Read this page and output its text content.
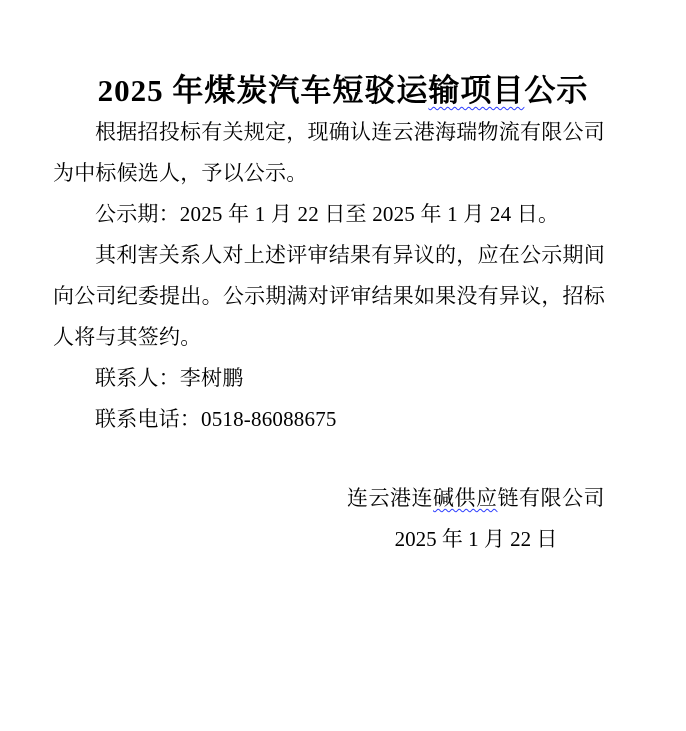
2025 年煤炭汽车短驳运输项目公示

根据招投标有关规定，现确认连云港海瑞物流有限公司为中标候选人，予以公示。

公示期：2025 年 1 月 22 日至 2025 年 1 月 24 日。

其利害关系人对上述评审结果有异议的，应在公示期间向公司纪委提出。公示期满对评审结果如果没有异议，招标人将与其签约。

联系人：李树鹏

联系电话：0518-86088675

连云港连碱供应链有限公司
2025 年 1 月 22 日
